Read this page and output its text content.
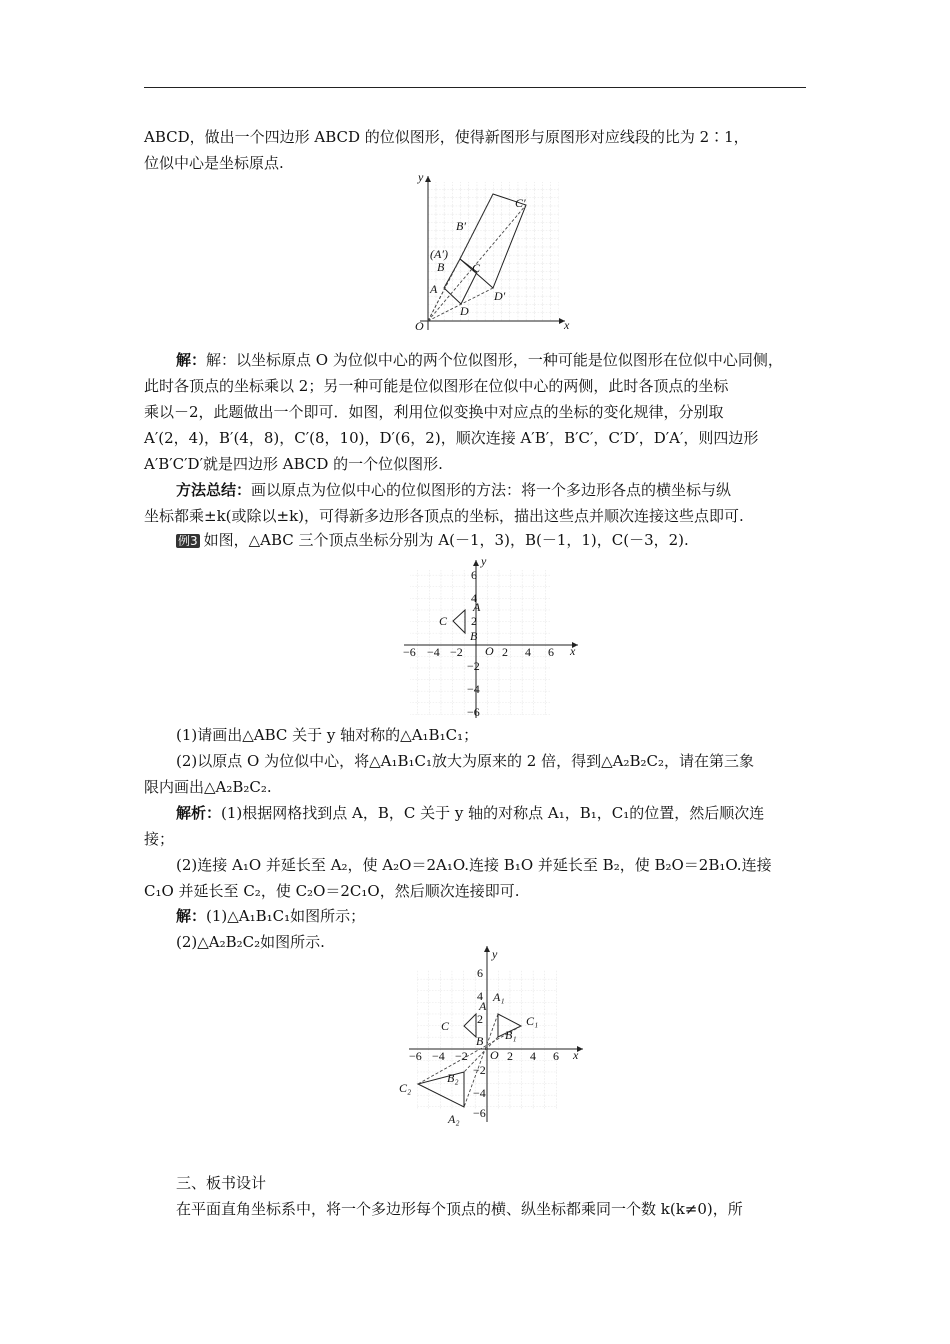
ABCD，做出一个四边形 ABCD 的位似图形，使得新图形与原图形对应线段的比为 2∶1，
位似中心是坐标原点.
x
y
O
A
B
(A′)
C
D
B′
C′
D′
解：解：以坐标原点 O 为位似中心的两个位似图形，一种可能是位似图形在位似中心同侧，
此时各顶点的坐标乘以 2；另一种可能是位似图形在位似中心的两侧，此时各顶点的坐标
乘以－2，此题做出一个即可．如图，利用位似变换中对应点的坐标的变化规律，分别取
A′(2，4)，B′(4，8)，C′(8，10)，D′(6，2)，顺次连接 A′B′，B′C′，C′D′，D′A′，则四边形
A′B′C′D′就是四边形 ABCD 的一个位似图形.
方法总结：画以原点为位似中心的位似图形的方法：将一个多边形各点的横坐标与纵
坐标都乘±k(或除以±k)，可得新多边形各顶点的坐标，描出这些点并顺次连接这些点即可.
例3 如图，△ABC 三个顶点坐标分别为 A(－1，3)，B(－1，1)，C(－3，2).
x
y
O
−6 −4 −2	2 4 6
6
4
2
−2
−4
−6
A
B
C
(1)请画出△ABC 关于 y 轴对称的△A₁B₁C₁；
(2)以原点 O 为位似中心，将△A₁B₁C₁放大为原来的 2 倍，得到△A₂B₂C₂，请在第三象
限内画出△A₂B₂C₂.
解析：(1)根据网格找到点 A，B，C 关于 y 轴的对称点 A₁，B₁，C₁的位置，然后顺次连
接；
(2)连接 A₁O 并延长至 A₂，使 A₂O＝2A₁O.连接 B₁O 并延长至 B₂，使 B₂O＝2B₁O.连接
C₁O 并延长至 C₂，使 C₂O＝2C₁O，然后顺次连接即可.
解：(1)△A₁B₁C₁如图所示；
(2)△A₂B₂C₂如图所示.
x
y
O
−6 −4 −2	2 4 6
6
4
2
−2
−4
−6
A
B
C
A₁
B₁
C₁
A₂
B₂
C₂
三、板书设计
在平面直角坐标系中，将一个多边形每个顶点的横、纵坐标都乘同一个数 k(k≠0)，所
